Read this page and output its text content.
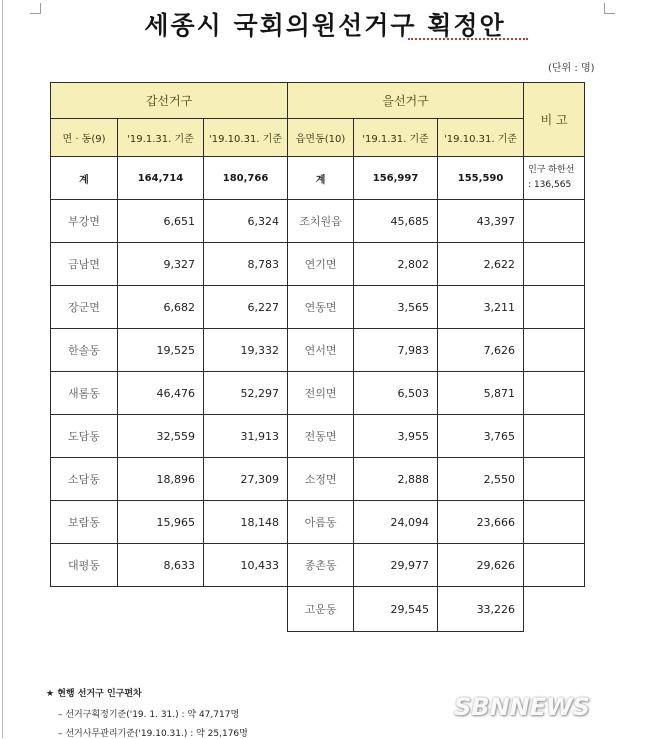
세종시 국회의원선거구 획정안
(단위 : 명)
갑선거구			을선거구			비 고
면 · 동(9)	'19.1.31. 기준	'19.10.31. 기준	읍면동(10)	'19.1.31. 기준	'19.10.31. 기준	
계	164,714	180,766	계	156,997	155,590	인구 하한선
: 136,565
부강면	6,651	6,324	조치원읍	45,685	43,397	
금남면	9,327	8,783	연기면	2,802	2,622	
장군면	6,682	6,227	연동면	3,565	3,211	
한솔동	19,525	19,332	연서면	7,983	7,626	
새롬동	46,476	52,297	전의면	6,503	5,871	
도담동	32,559	31,913	전동면	3,955	3,765	
소담동	18,896	27,309	소정면	2,888	2,550	
보람동	15,965	18,148	아름동	24,094	23,666	
대평동	8,633	10,433	종촌동	29,977	29,626	
			고운동	29,545	33,226	
★ 현행 선거구 인구편차
– 선거구획정기준('19. 1. 31.) : 약 47,717명
– 선거사무관리기준('19.10.31.) : 약 25,176명
SBNNEWS
